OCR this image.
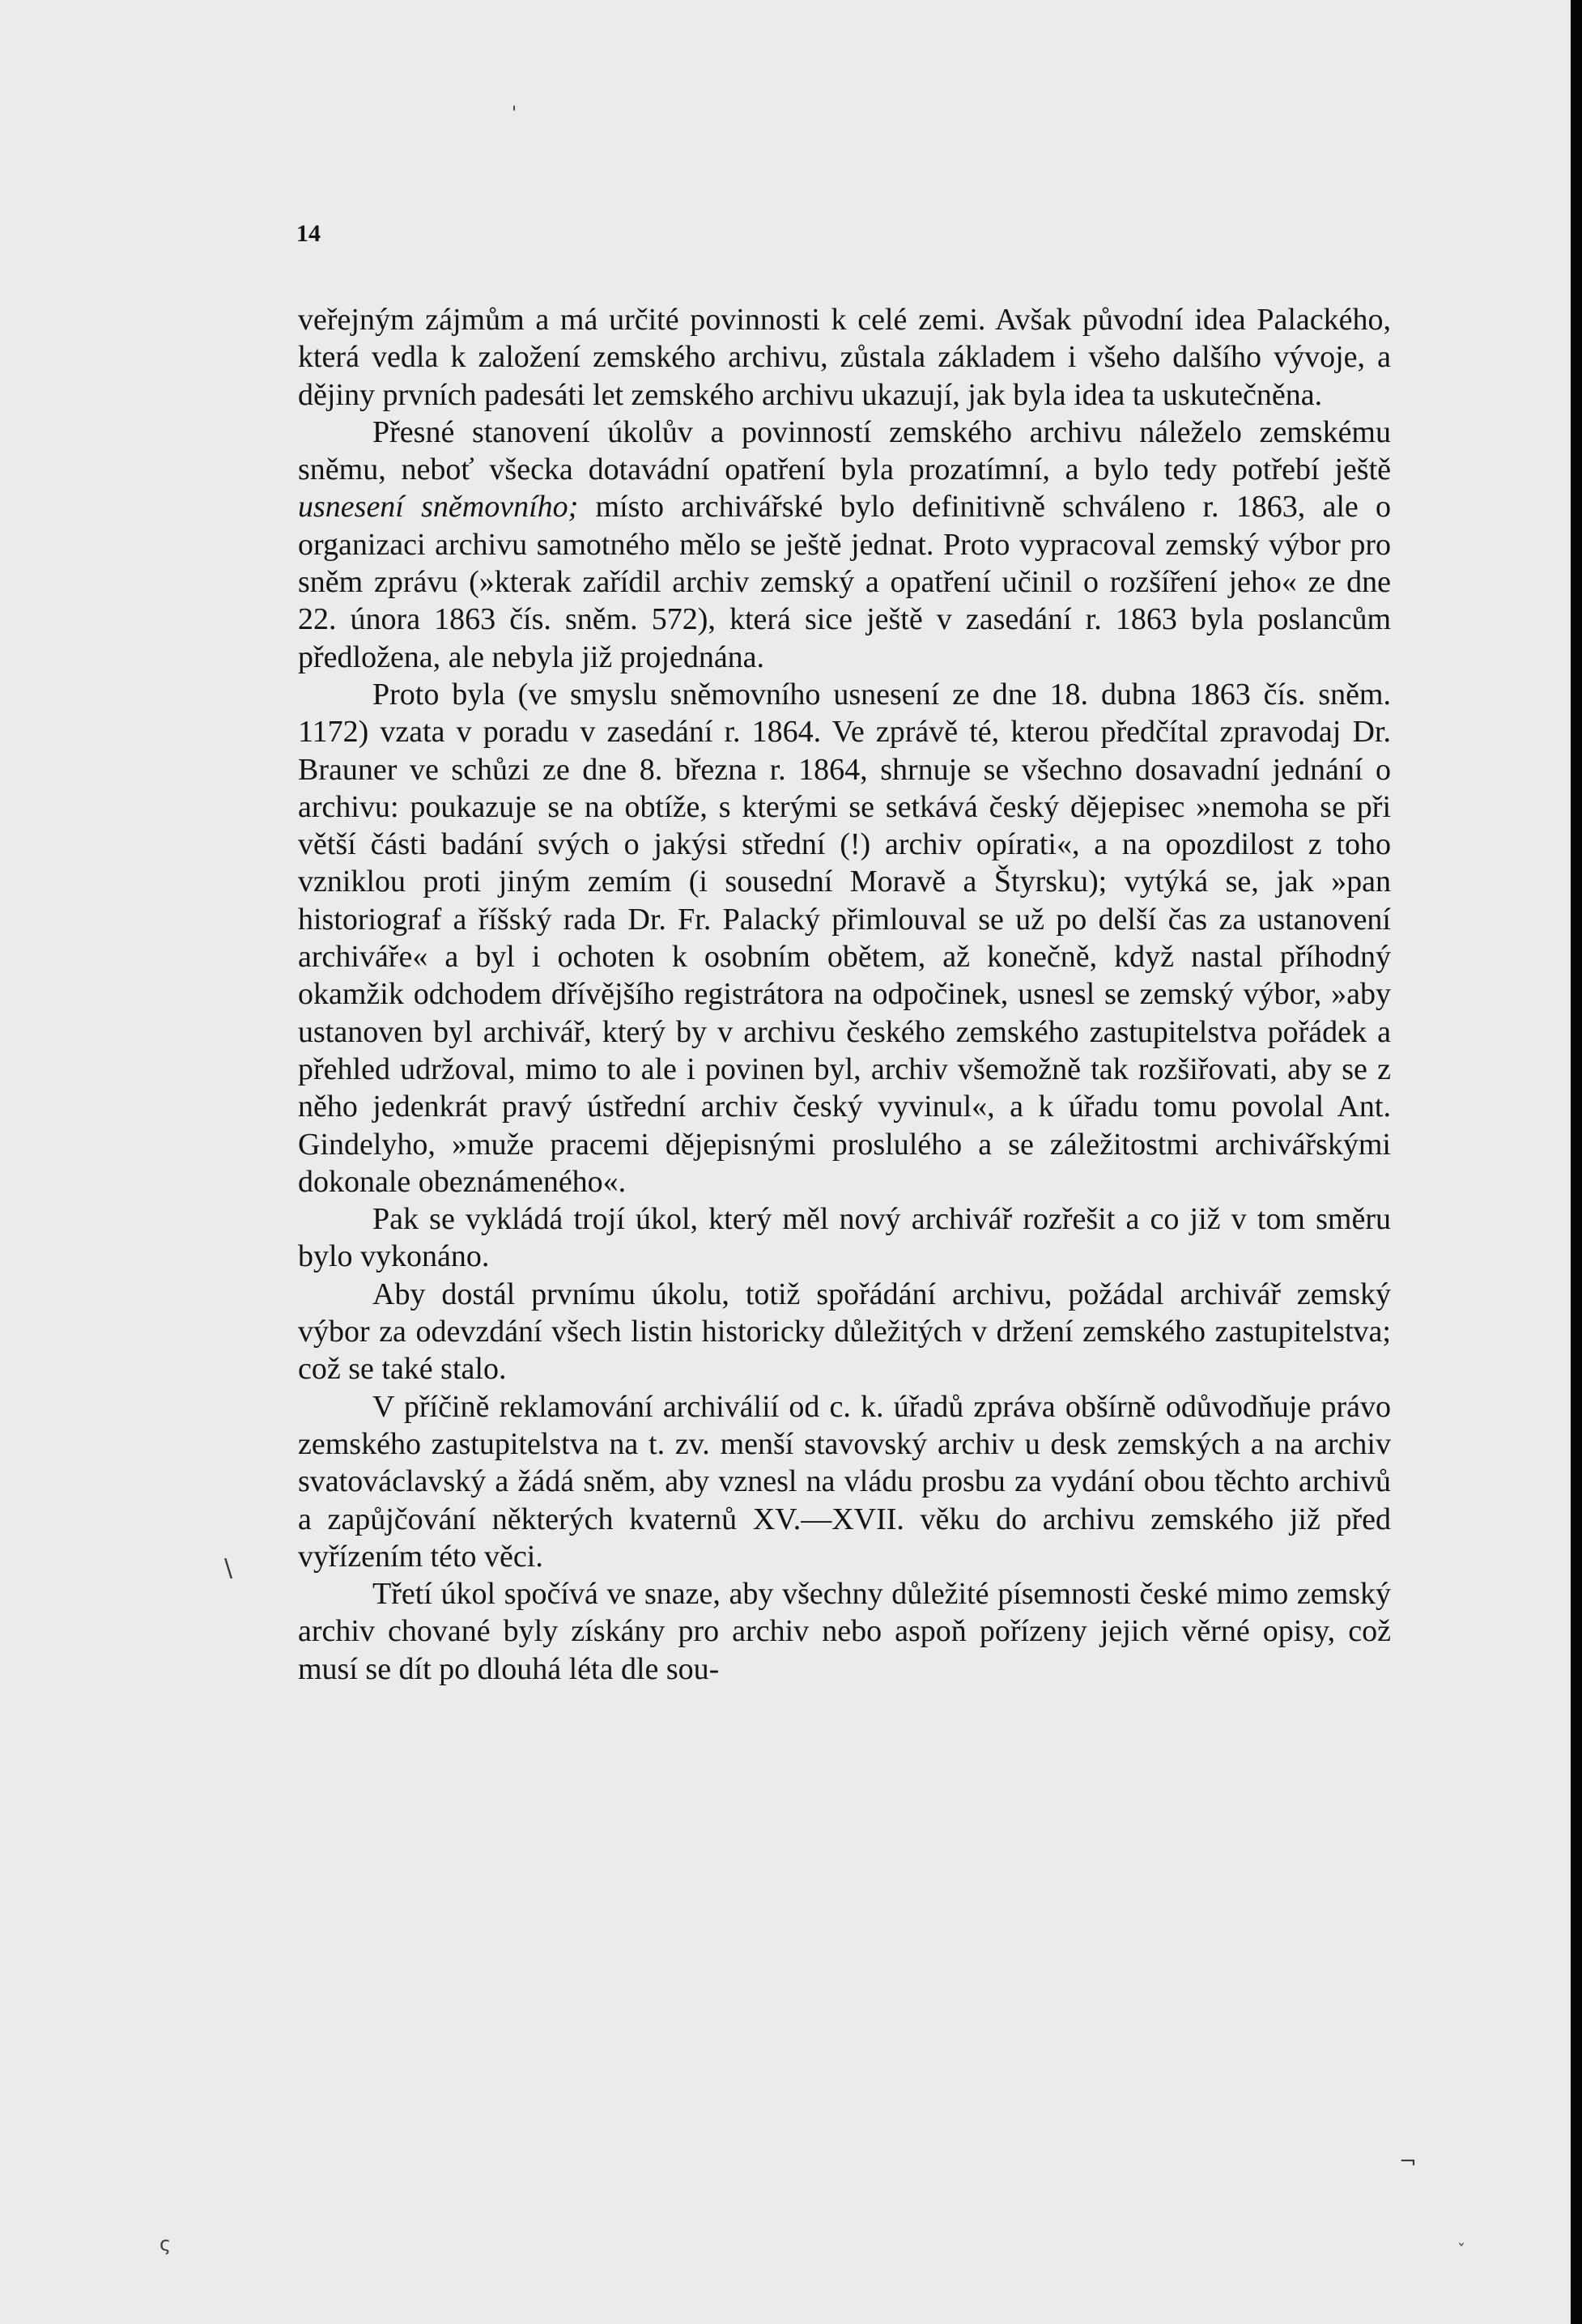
14

veřejným zájmům a má určité povinnosti k celé zemi. Avšak původní idea Palackého, která vedla k založení zemského archivu, zůstala základem i všeho dalšího vývoje, a dějiny prvních padesáti let zemského archivu ukazují, jak byla idea ta uskutečněna.

Přesné stanovení úkolův a povinností zemského archivu náleželo zemskému sněmu, neboť všecka dotavádní opatření byla prozatímní, a bylo tedy potřebí ještě usnesení sněmovního; místo archivářské bylo definitivně schváleno r. 1863, ale o organizaci archivu samotného mělo se ještě jednat. Proto vypracoval zemský výbor pro sněm zprávu (»kterak zařídil archiv zemský a opatření učinil o rozšíření jeho« ze dne 22. února 1863 čís. sněm. 572), která sice ještě v zasedání r. 1863 byla poslancům předložena, ale nebyla již projednána.

Proto byla (ve smyslu sněmovního usnesení ze dne 18. dubna 1863 čís. sněm. 1172) vzata v poradu v zasedání r. 1864. Ve zprávě té, kterou předčítal zpravodaj Dr. Brauner ve schůzi ze dne 8. března r. 1864, shrnuje se všechno dosavadní jednání o archivu: poukazuje se na obtíže, s kterými se setkává český dějepisec »nemoha se při větší části badání svých o jakýsi střední (!) archiv opírati«, a na opozdilost z toho vzniklou proti jiným zemím (i sousední Moravě a Štyrsku); vytýká se, jak »pan historiograf a říšský rada Dr. Fr. Palacký přimlouval se už po delší čas za ustanovení archiváře« a byl i ochoten k osobním obětem, až konečně, když nastal příhodný okamžik odchodem dřívějšího registrátora na odpočinek, usnesl se zemský výbor, »aby ustanoven byl archivář, který by v archivu českého zemského zastupitelstva pořádek a přehled udržoval, mimo to ale i povinen byl, archiv všemožně tak rozšiřovati, aby se z něho jedenkrát pravý ústřední archiv český vyvinul«, a k úřadu tomu povolal Ant. Gindelyho, »muže pracemi dějepisnými proslulého a se záležitostmi archivářskými dokonale obeznámeného«.

Pak se vykládá trojí úkol, který měl nový archivář rozřešit a co již v tom směru bylo vykonáno.

Aby dostál prvnímu úkolu, totiž spořádání archivu, požádal archivář zemský výbor za odevzdání všech listin historicky důležitých v držení zemského zastupitelstva; což se také stalo.

V příčině reklamování archiválií od c. k. úřadů zpráva obšírně odůvodňuje právo zemského zastupitelstva na t. zv. menší stavovský archiv u desk zemských a na archiv svatováclavský a žádá sněm, aby vznesl na vládu prosbu za vydání obou těchto archivů a zapůjčování některých kvaternů XV.—XVII. věku do archivu zemského již před vyřízením této věci.

Třetí úkol spočívá ve snaze, aby všechny důležité písemnosti české mimo zemský archiv chované byly získány pro archiv nebo aspoň pořízeny jejich věrné opisy, což musí se dít po dlouhá léta dle sou-

'
\
¬
ς	ˇ
